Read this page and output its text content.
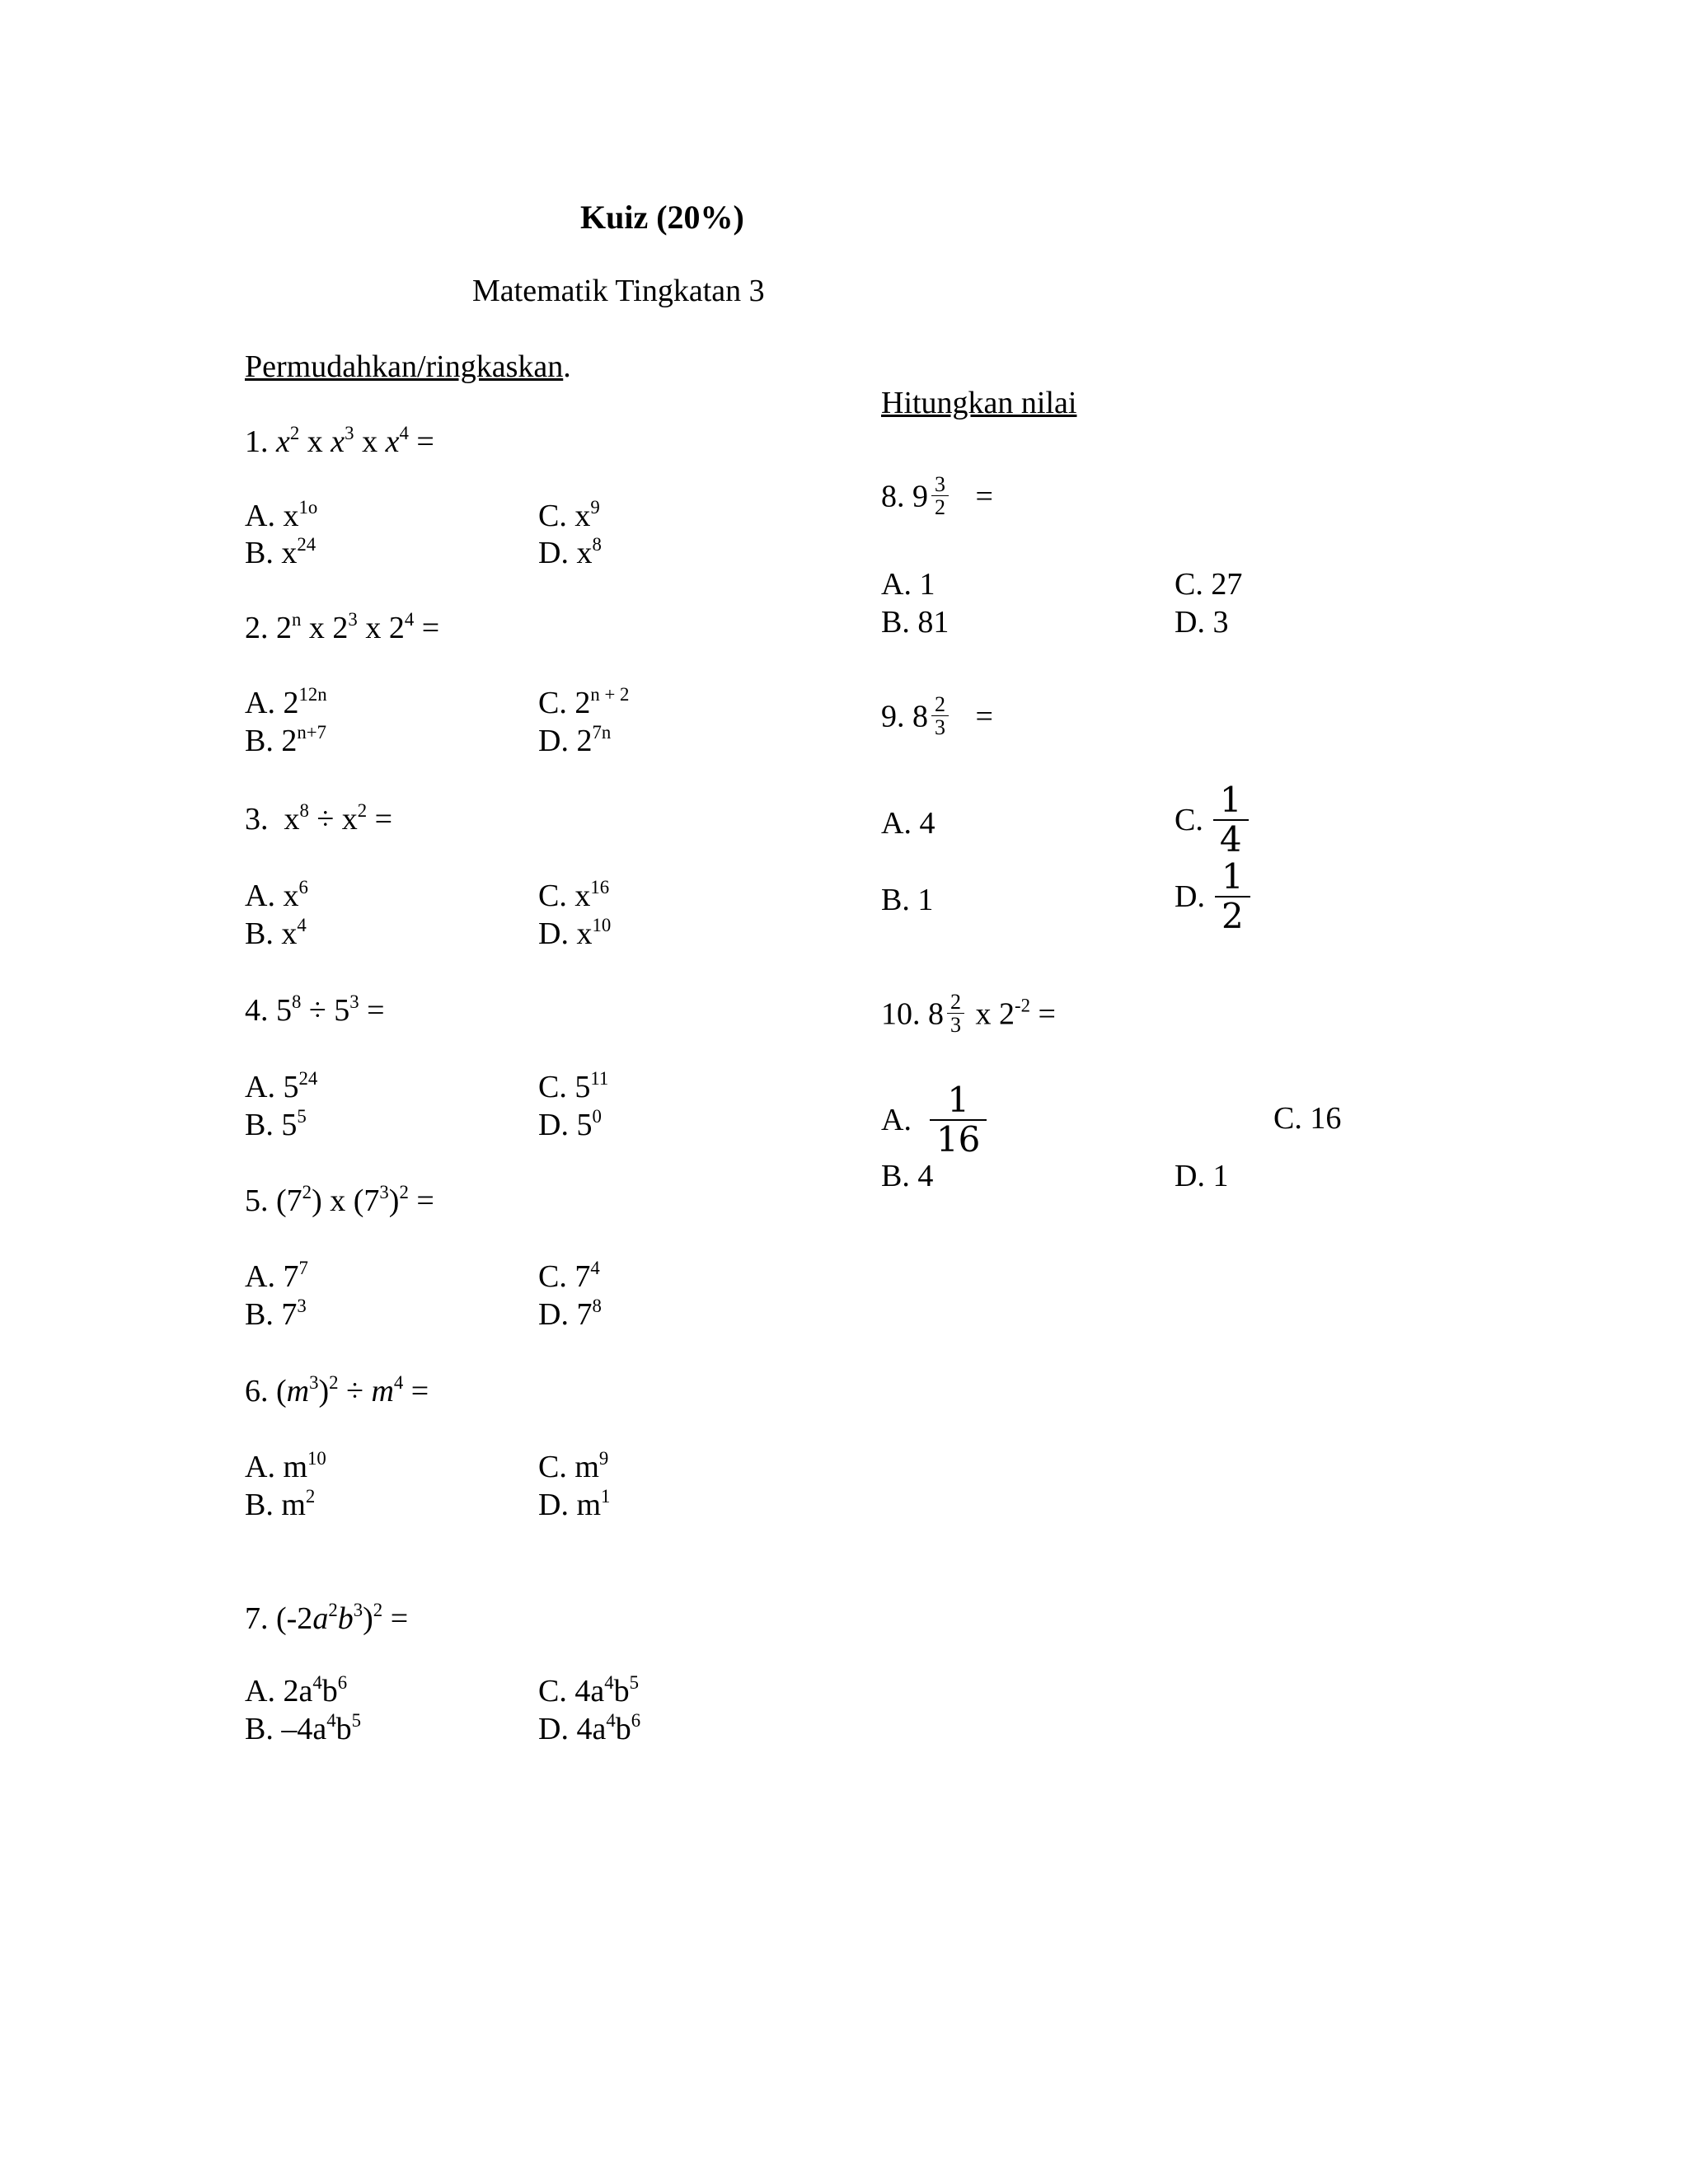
Kuiz (20%)
Matematik Tingkatan 3
Permudahkan/ringkaskan.
Hitungkan nilai
1. $x^2$ x $x^3$ x $x^4$ =
A. $x^{1o}$
B. $x^{24}$
C. $x^9$
D. $x^8$
2. 2$^n$ x $2^3$ x $2^4$ =
A. $2^{12n}$
B. $2^{n+7}$
C. $2^{n + 2}$
D. $2^{7n}$
3.  $x^8 \div x^2$ =
A. $x^6$
B. $x^4$
C. $x^{16}$
D. $x^{10}$
4. $5^8 \div 5^3$ =
A. $5^{24}$
B. $5^5$
C. $5^{11}$
D. $5^0$
5. $(7^2)$ x $(7^3)^2$ =
A. $7^7$
B. $7^3$
C. $7^4$
D. $7^8$
6. $(m^3)^2 \div m^4$ =
A. $m^{10}$
B. $m^2$
C. $m^9$
D. $m^1$
7. $(-2a^2b^3)^2$ =
A. $2a^4b^6$
B. $-4a^4b^5$
C. $4a^4b^5$
D. $4a^4b^6$
8. $9 \frac{3}{2}$ =
A. 1
B. 81
C. 27
D. 3
9. $8 \frac{2}{3}$ =
A. 4
B. 1
C. $\frac{1}{4}$
D. $\frac{1}{2}$
10. $8 \frac{2}{3}$ x $2^{-2}$ =
A. $\frac{1}{16}$
B. 4
C. 16
D. 1
